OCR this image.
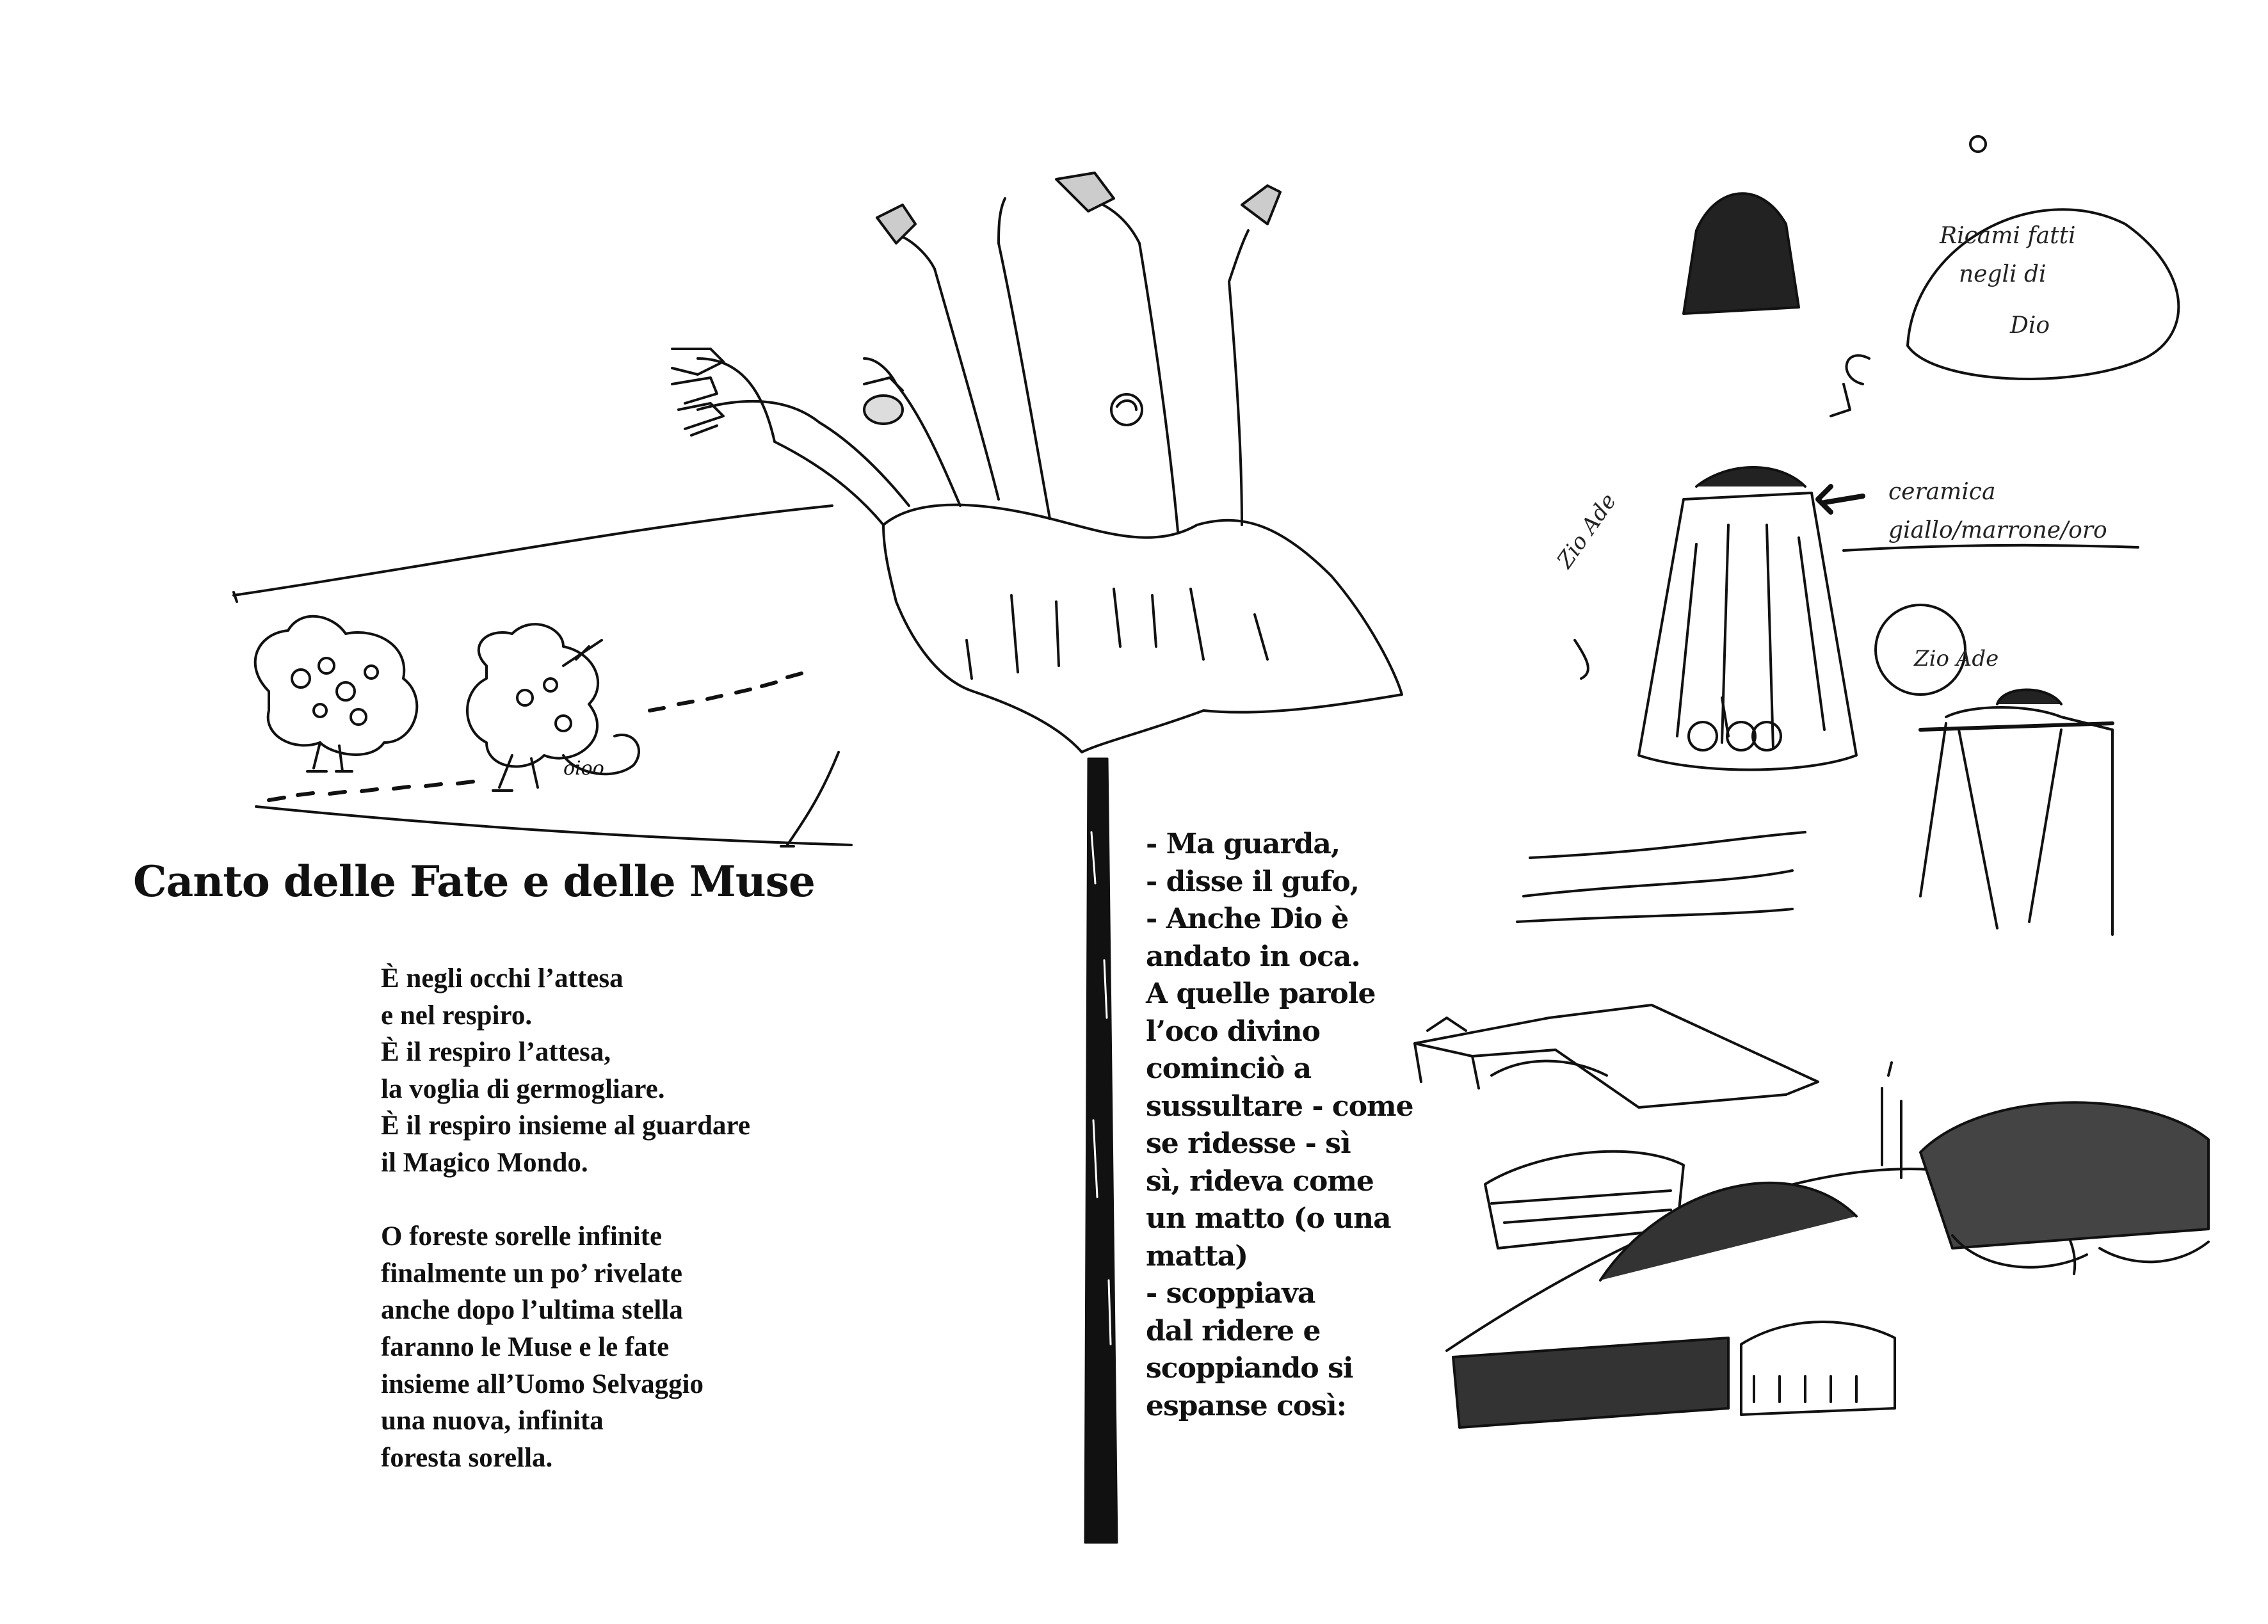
oioo
Ricami fatti
negli di
Dio
Zio Ade
ceramica
giallo/marrone/oro
Zio Ade
Canto delle Fate e delle Muse
È negli occhi l’attesa
e nel respiro.
È il respiro l’attesa,
la voglia di germogliare.
È il respiro insieme al guardare
il Magico Mondo.
O foreste sorelle infinite
finalmente un po’ rivelate
anche dopo l’ultima stella
faranno le Muse e le fate
insieme all’Uomo Selvaggio
una nuova, infinita
foresta sorella.
- Ma guarda,
- disse il gufo,
- Anche Dio è
andato in oca.
A quelle parole
l’oco divino
cominciò a
sussultare - come
se ridesse - sì
sì, rideva come
un matto (o una
matta)
- scoppiava
dal ridere e
scoppiando si
espanse così:
